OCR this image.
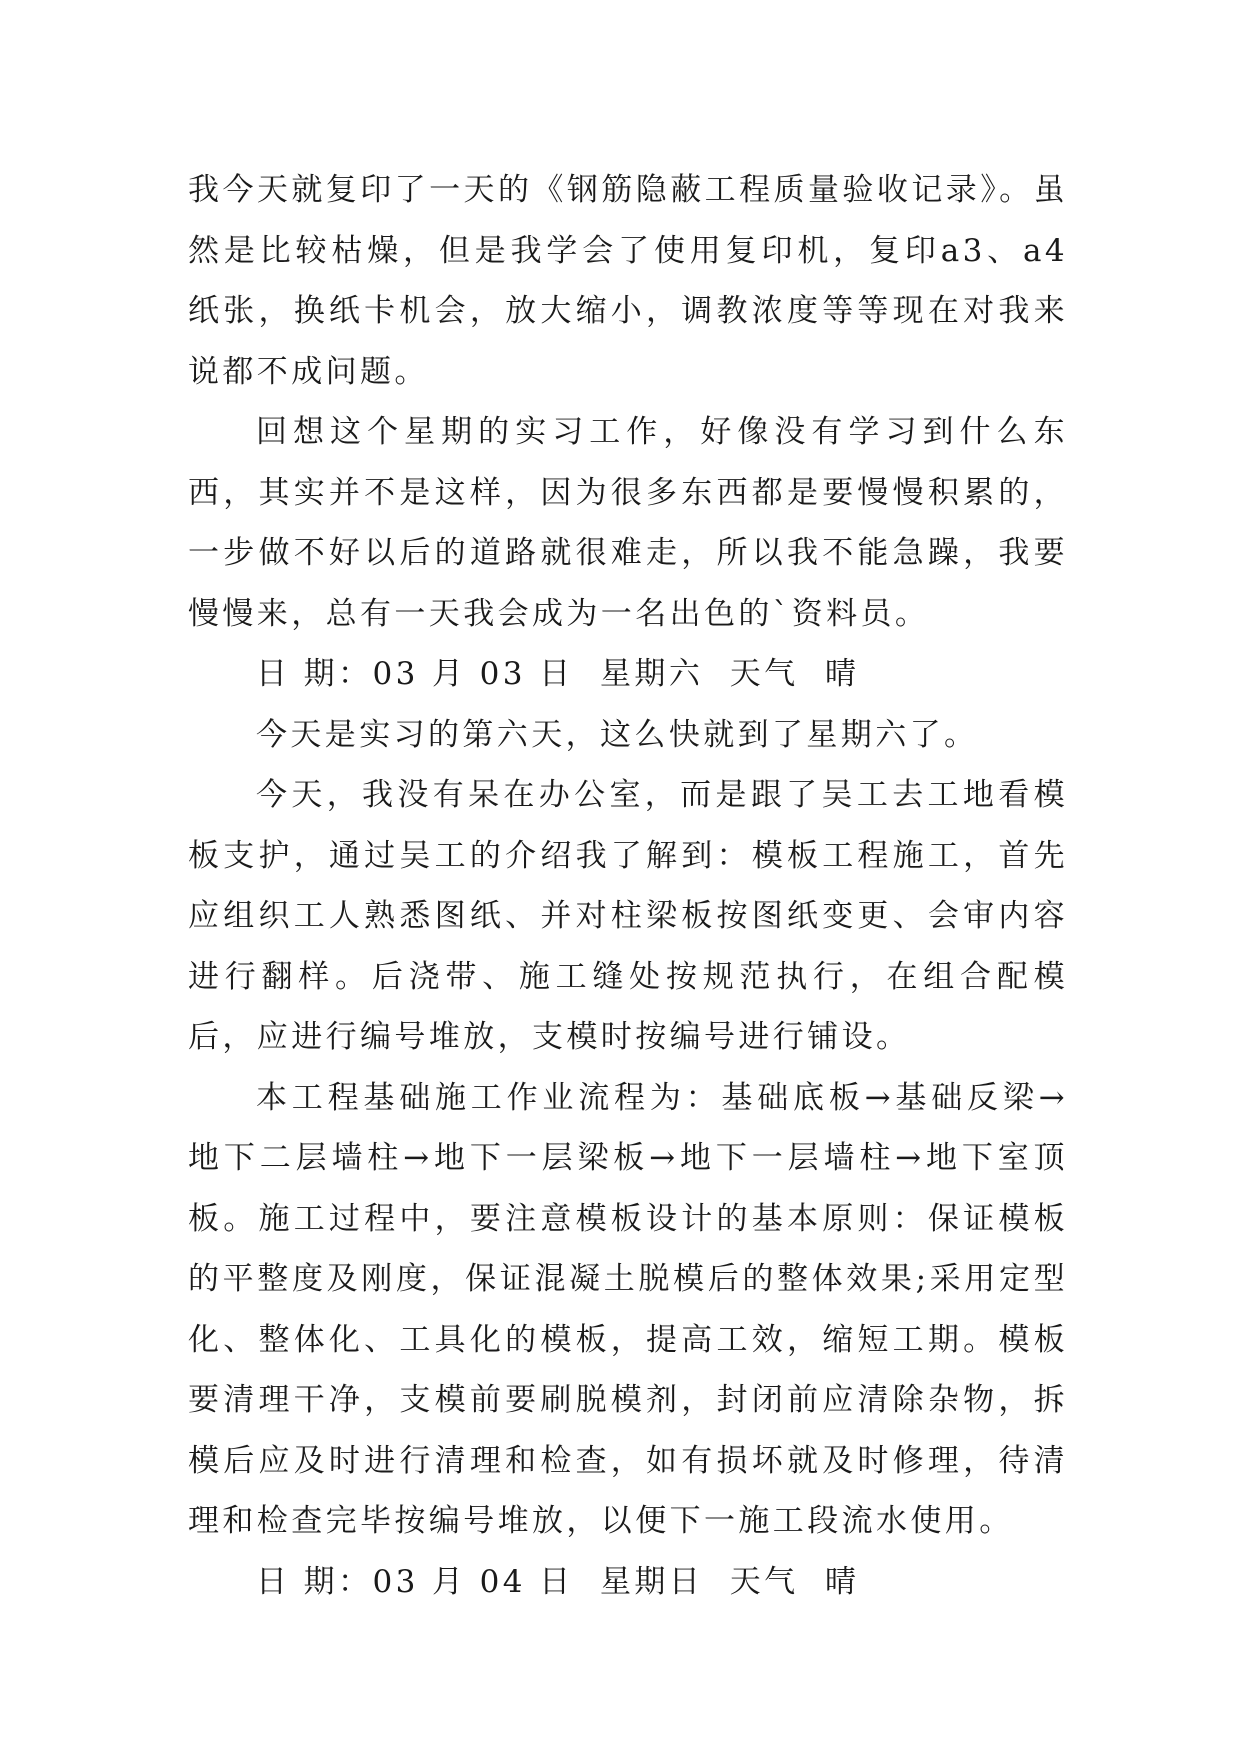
我今天就复印了一天的《钢筋隐蔽工程质量验收记录》。虽然是比较枯燥，但是我学会了使用复印机，复印a3、a4纸张，换纸卡机会，放大缩小，调教浓度等等现在对我来说都不成问题。

回想这个星期的实习工作，好像没有学习到什么东西，其实并不是这样，因为很多东西都是要慢慢积累的，一步做不好以后的道路就很难走，所以我不能急躁，我要慢慢来，总有一天我会成为一名出色的`资料员。

日 期：03 月 03 日  星期六  天气  晴

今天是实习的第六天，这么快就到了星期六了。

今天，我没有呆在办公室，而是跟了吴工去工地看模板支护，通过吴工的介绍我了解到：模板工程施工，首先应组织工人熟悉图纸、并对柱梁板按图纸变更、会审内容进行翻样。后浇带、施工缝处按规范执行，在组合配模后，应进行编号堆放，支模时按编号进行铺设。

本工程基础施工作业流程为：基础底板→基础反梁→地下二层墙柱→地下一层梁板→地下一层墙柱→地下室顶板。施工过程中，要注意模板设计的基本原则：保证模板的平整度及刚度，保证混凝土脱模后的整体效果;采用定型化、整体化、工具化的模板，提高工效，缩短工期。模板要清理干净，支模前要刷脱模剂，封闭前应清除杂物，拆模后应及时进行清理和检查，如有损坏就及时修理，待清理和检查完毕按编号堆放，以便下一施工段流水使用。

日 期：03 月 04 日  星期日  天气  晴
